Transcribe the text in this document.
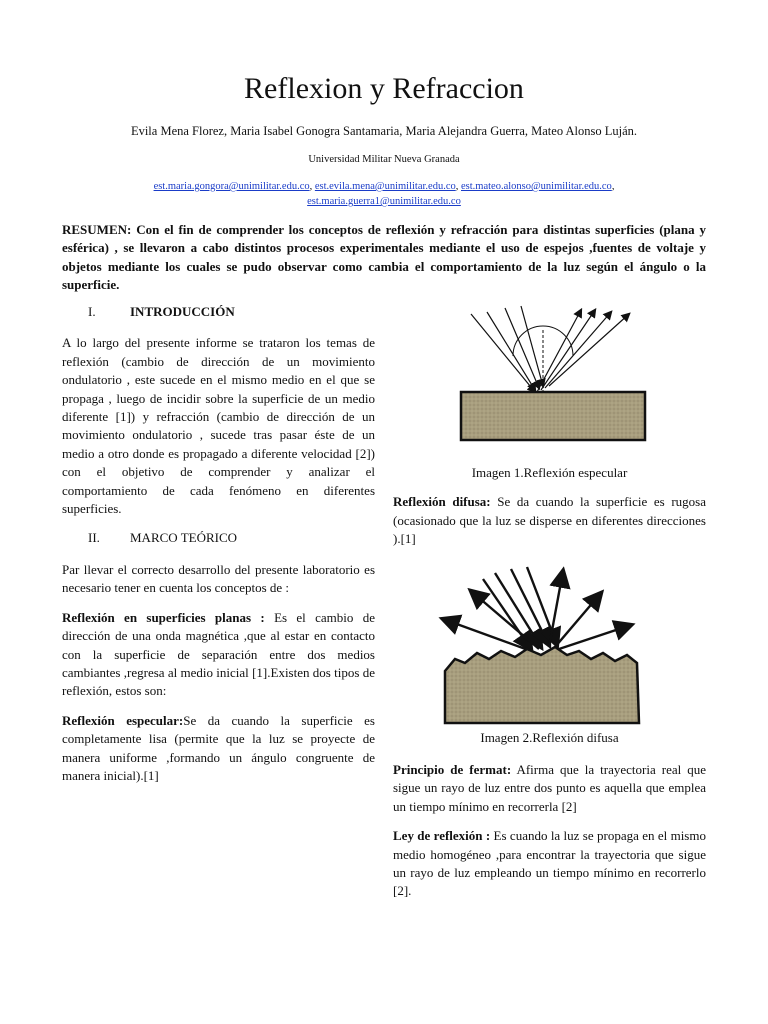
Reflexion y Refraccion
Evila Mena Florez, Maria Isabel Gonogra Santamaria, Maria Alejandra Guerra, Mateo Alonso Luján.
Universidad Militar Nueva Granada
est.maria.gongora@unimilitar.edu.co, est.evila.mena@unimilitar.edu.co, est.mateo.alonso@unimilitar.edu.co,
est.maria.guerra1@unimilitar.edu.co
RESUMEN: Con el fin de comprender los conceptos de reflexión y refracción para distintas superficies (plana y esférica) , se llevaron a cabo distintos procesos experimentales mediante el uso de espejos ,fuentes de voltaje y objetos mediante los cuales se pudo observar como cambia el comportamiento de la luz según el ángulo o la superficie.
I.	INTRODUCCIÓN

A lo largo del presente informe se trataron los temas de reflexión (cambio de dirección de un movimiento ondulatorio , este sucede en el mismo medio en el que se propaga , luego de incidir sobre la superficie de un medio diferente [1]) y refracción (cambio de dirección de un movimiento ondulatorio , sucede tras pasar éste de un medio a otro donde es propagado a diferente velocidad [2]) con el objetivo de comprender y analizar el comportamiento de cada fenómeno en diferentes superficies.

II.	MARCO TEÓRICO

Par llevar el correcto desarrollo del presente laboratorio es necesario tener en cuenta los conceptos de :

Reflexión en superficies planas : Es el cambio de dirección de una onda magnética ,que al estar en contacto con la superficie de separación entre dos medios cambiantes ,regresa al medio inicial [1].Existen dos tipos de reflexión, estos son:

Reflexión especular:Se da cuando la superficie es completamente lisa (permite que la luz se proyecte de manera uniforme ,formando un ángulo congruente de manera inicial).[1]

Imagen 1.Reflexión especular

Reflexión difusa: Se da cuando la superficie es rugosa (ocasionado que la luz se disperse en diferentes direcciones ).[1]

Imagen 2.Reflexión difusa

Principio de fermat: Afirma que la trayectoria real que sigue un rayo de luz entre dos punto es aquella que emplea un tiempo mínimo en recorrerla [2]

Ley de reflexión : Es cuando la luz se propaga en el mismo medio homogéneo ,para encontrar la trayectoria que sigue un rayo de luz empleando un tiempo mínimo en recorrerlo [2].
